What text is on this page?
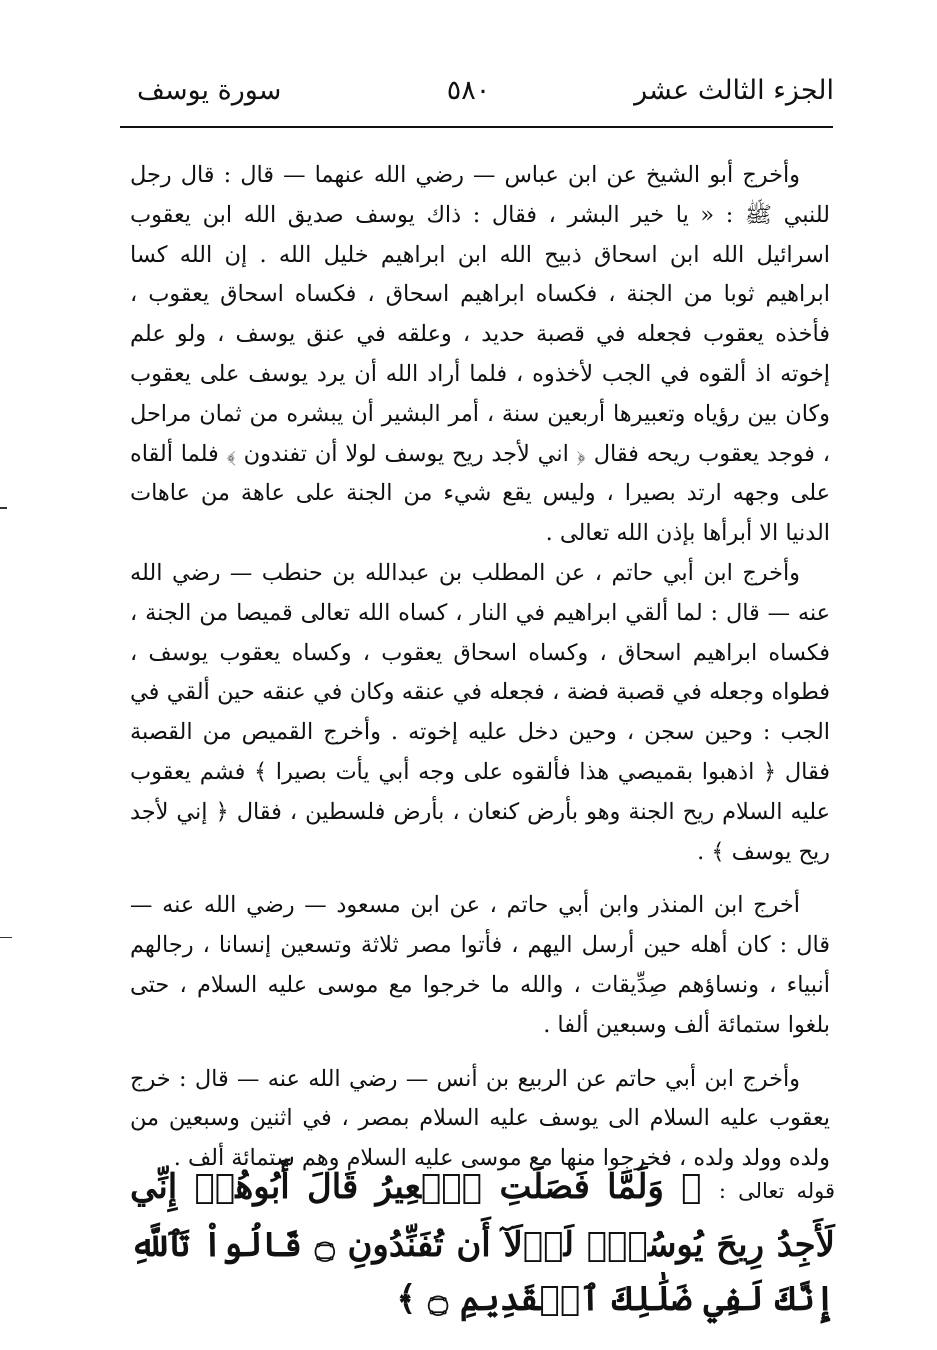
الجزء الثالث عشر
٥٨٠
سورة يوسف

وأخرج أبو الشيخ عن ابن عباس — رضي الله عنهما — قال : قال رجل للنبي ﷺ : « يا خير البشر ، فقال : ذاك يوسف صديق الله ابن يعقوب اسرائيل الله ابن اسحاق ذبيح الله ابن ابراهيم خليل الله . إن الله كسا ابراهيم ثوبا من الجنة ، فكساه ابراهيم اسحاق ، فكساه اسحاق يعقوب ، فأخذه يعقوب فجعله في قصبة حديد ، وعلقه في عنق يوسف ، ولو علم إخوته اذ ألقوه في الجب لأخذوه ، فلما أراد الله أن يرد يوسف على يعقوب وكان بين رؤياه وتعبيرها أربعين سنة ، أمر البشير أن يبشره من ثمان مراحل ، فوجد يعقوب ريحه فقال ﴿ اني لأجد ريح يوسف لولا أن تفندون ﴾ فلما ألقاه على وجهه ارتد بصيرا ، وليس يقع شيء من الجنة على عاهة من عاهات الدنيا الا أبرأها بإذن الله تعالى .

وأخرج ابن أبي حاتم ، عن المطلب بن عبدالله بن حنطب — رضي الله عنه — قال : لما ألقي ابراهيم في النار ، كساه الله تعالى قميصا من الجنة ، فكساه ابراهيم اسحاق ، وكساه اسحاق يعقوب ، وكساه يعقوب يوسف ، فطواه وجعله في قصبة فضة ، فجعله في عنقه وكان في عنقه حين ألقي في الجب : وحين سجن ، وحين دخل عليه إخوته . وأخرج القميص من القصبة فقال ﴿ اذهبوا بقميصي هذا فألقوه على وجه أبي يأت بصيرا ﴾ فشم يعقوب عليه السلام ريح الجنة وهو بأرض كنعان ، بأرض فلسطين ، فقال ﴿ إني لأجد ريح يوسف ﴾ .

أخرج ابن المنذر وابن أبي حاتم ، عن ابن مسعود — رضي الله عنه — قال : كان أهله حين أرسل اليهم ، فأتوا مصر ثلاثة وتسعين إنسانا ، رجالهم أنبياء ، ونساؤهم صِدِّيقات ، والله ما خرجوا مع موسى عليه السلام ، حتى بلغوا ستمائة ألف وسبعين ألفا .

وأخرج ابن أبي حاتم عن الربيع بن أنس — رضي الله عنه — قال : خرج يعقوب عليه السلام الى يوسف عليه السلام بمصر ، في اثنين وسبعين من ولده وولد ولده ، فخرجوا منها مع موسى عليه السلام وهم ستمائة ألف .

قوله تعالى : ﴿ وَلَمَّا فَصَلَتِ ٱلۡعِيرُ قَالَ أَبُوهُمۡ إِنِّي لَأَجِدُ رِيحَ يُوسُفَۖ لَوۡلَآ أَن تُفَنِّدُونِ ۝ قَالُواْ تَٱللَّهِ إِنَّكَ لَفِي ضَلَٰلِكَ ٱلۡقَدِيمِ ۝ ﴾
